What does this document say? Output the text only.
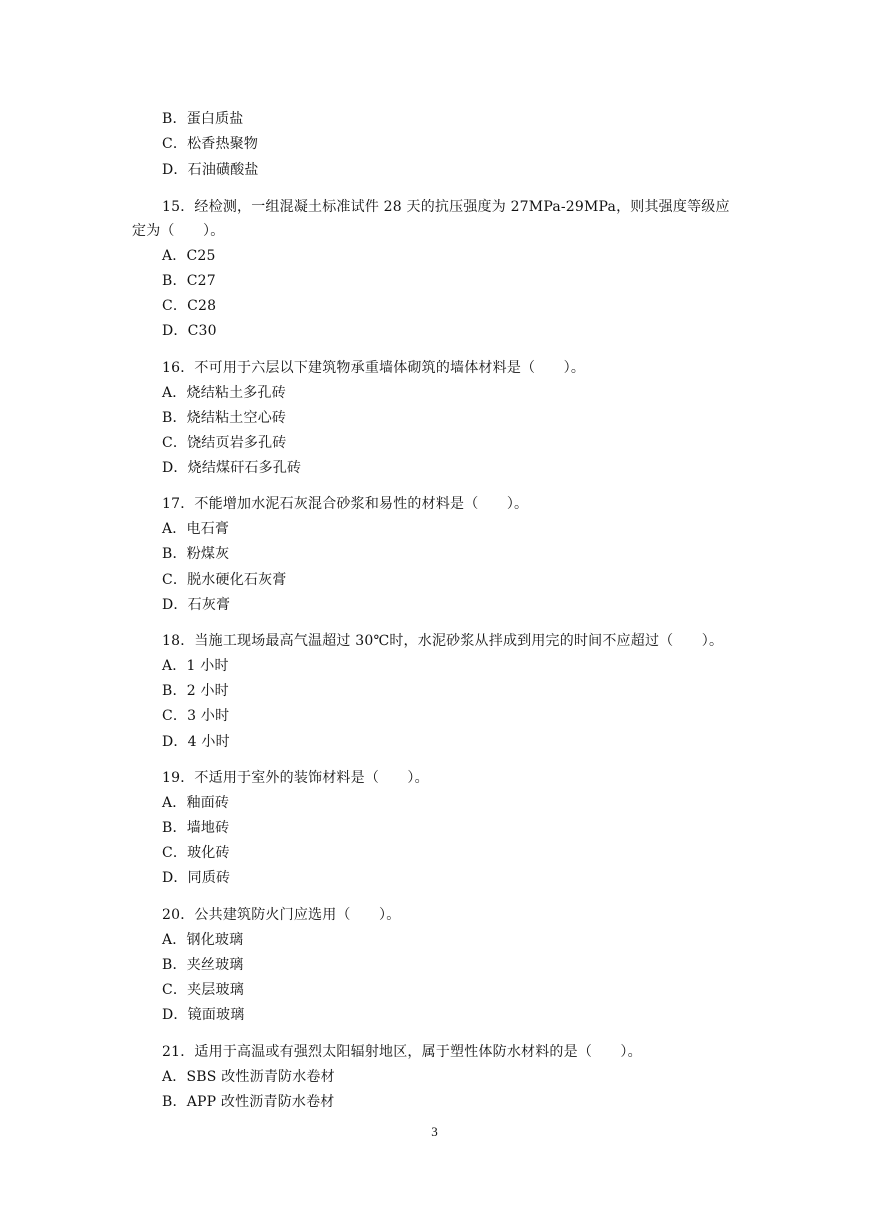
B．蛋白质盐
C．松香热聚物
D．石油磺酸盐
15．经检测，一组混凝土标准试件 28 天的抗压强度为 27MPa-29MPa，则其强度等级应
定为（　　）。
A．C25
B．C27
C．C28
D．C30
16．不可用于六层以下建筑物承重墙体砌筑的墙体材料是（　　）。
A．烧结粘土多孔砖
B．烧结粘土空心砖
C．饶结页岩多孔砖
D．烧结煤矸石多孔砖
17．不能增加水泥石灰混合砂浆和易性的材料是（　　）。
A．电石膏
B．粉煤灰
C．脱水硬化石灰膏
D．石灰膏
18．当施工现场最高气温超过 30℃时，水泥砂浆从拌成到用完的时间不应超过（　　）。
A．1 小时
B．2 小时
C．3 小时
D．4 小时
19．不适用于室外的装饰材料是（　　）。
A．釉面砖
B．墙地砖
C．玻化砖
D．同质砖
20．公共建筑防火门应选用（　　）。
A．钢化玻璃
B．夹丝玻璃
C．夹层玻璃
D．镜面玻璃
21．适用于高温或有强烈太阳辐射地区，属于塑性体防水材料的是（　　）。
A．SBS 改性沥青防水卷材
B．APP 改性沥青防水卷材
3
